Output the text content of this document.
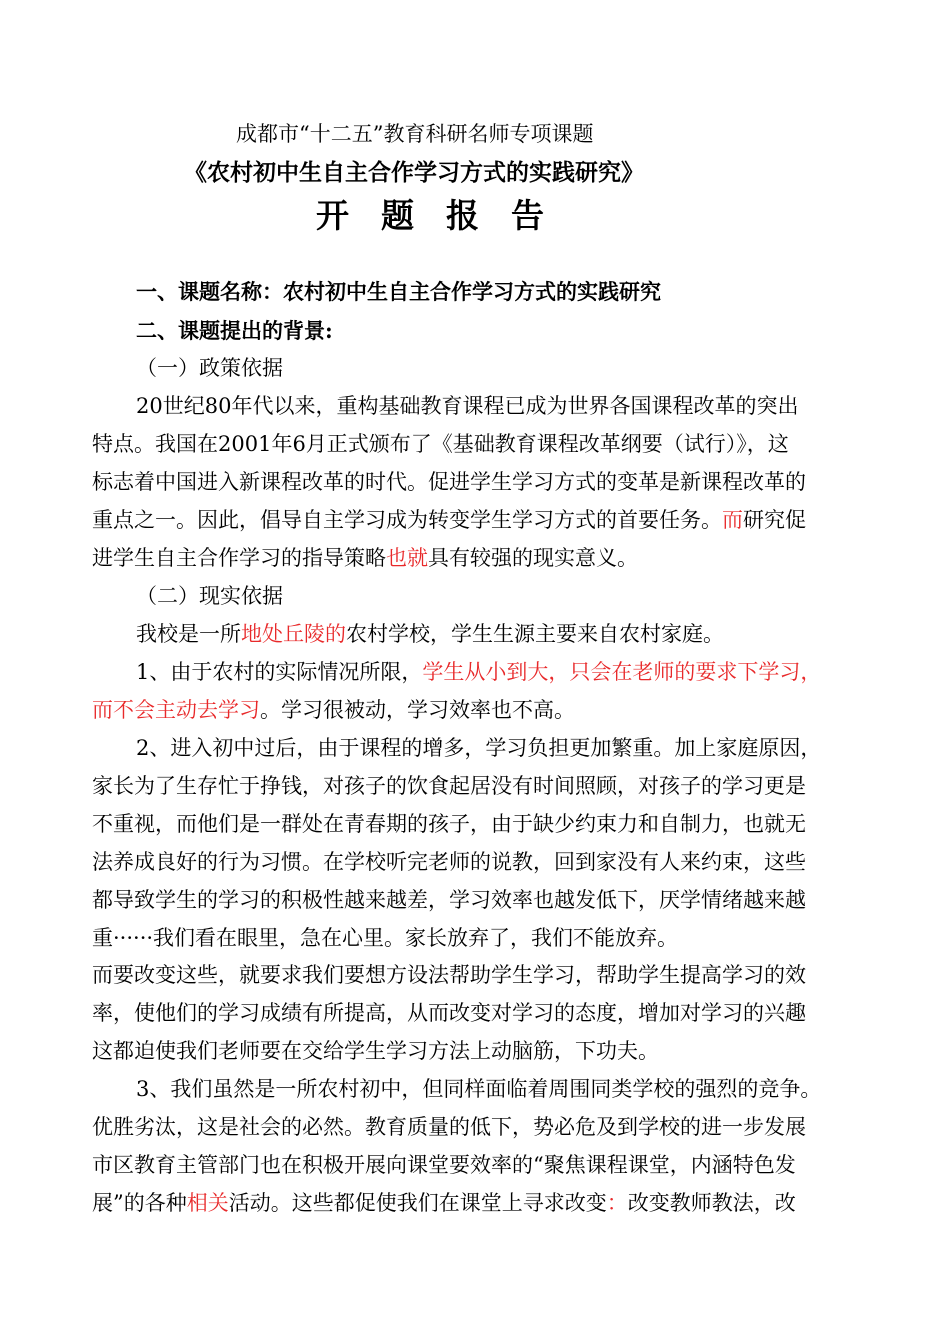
成都市“十二五”教育科研名师专项课题
《农村初中生自主合作学习方式的实践研究》
开题报告
一、课题名称：农村初中生自主合作学习方式的实践研究
二、课题提出的背景:
（一）政策依据
20世纪80年代以来，重构基础教育课程已成为世界各国课程改革的突出
特点。我国在2001年6月正式颁布了《基础教育课程改革纲要（试行）》，这
标志着中国进入新课程改革的时代。促进学生学习方式的变革是新课程改革的
重点之一。因此，倡导自主学习成为转变学生学习方式的首要任务。而研究促
进学生自主合作学习的指导策略也就具有较强的现实意义。
（二）现实依据
我校是一所地处丘陵的农村学校，学生生源主要来自农村家庭。
1、由于农村的实际情况所限，学生从小到大，只会在老师的要求下学习，
而不会主动去学习。学习很被动，学习效率也不高。
2、进入初中过后，由于课程的增多，学习负担更加繁重。加上家庭原因，
家长为了生存忙于挣钱，对孩子的饮食起居没有时间照顾，对孩子的学习更是
不重视，而他们是一群处在青春期的孩子，由于缺少约束力和自制力，也就无
法养成良好的行为习惯。在学校听完老师的说教，回到家没有人来约束，这些
都导致学生的学习的积极性越来越差，学习效率也越发低下，厌学情绪越来越
重······我们看在眼里，急在心里。家长放弃了，我们不能放弃。
而要改变这些，就要求我们要想方设法帮助学生学习，帮助学生提高学习的效
率，使他们的学习成绩有所提高，从而改变对学习的态度，增加对学习的兴趣
这都迫使我们老师要在交给学生学习方法上动脑筋，下功夫。
3、我们虽然是一所农村初中，但同样面临着周围同类学校的强烈的竞争。
优胜劣汰，这是社会的必然。教育质量的低下，势必危及到学校的进一步发展
市区教育主管部门也在积极开展向课堂要效率的“聚焦课程课堂，内涵特色发
展”的各种相关活动。这些都促使我们在课堂上寻求改变：改变教师教法，改
